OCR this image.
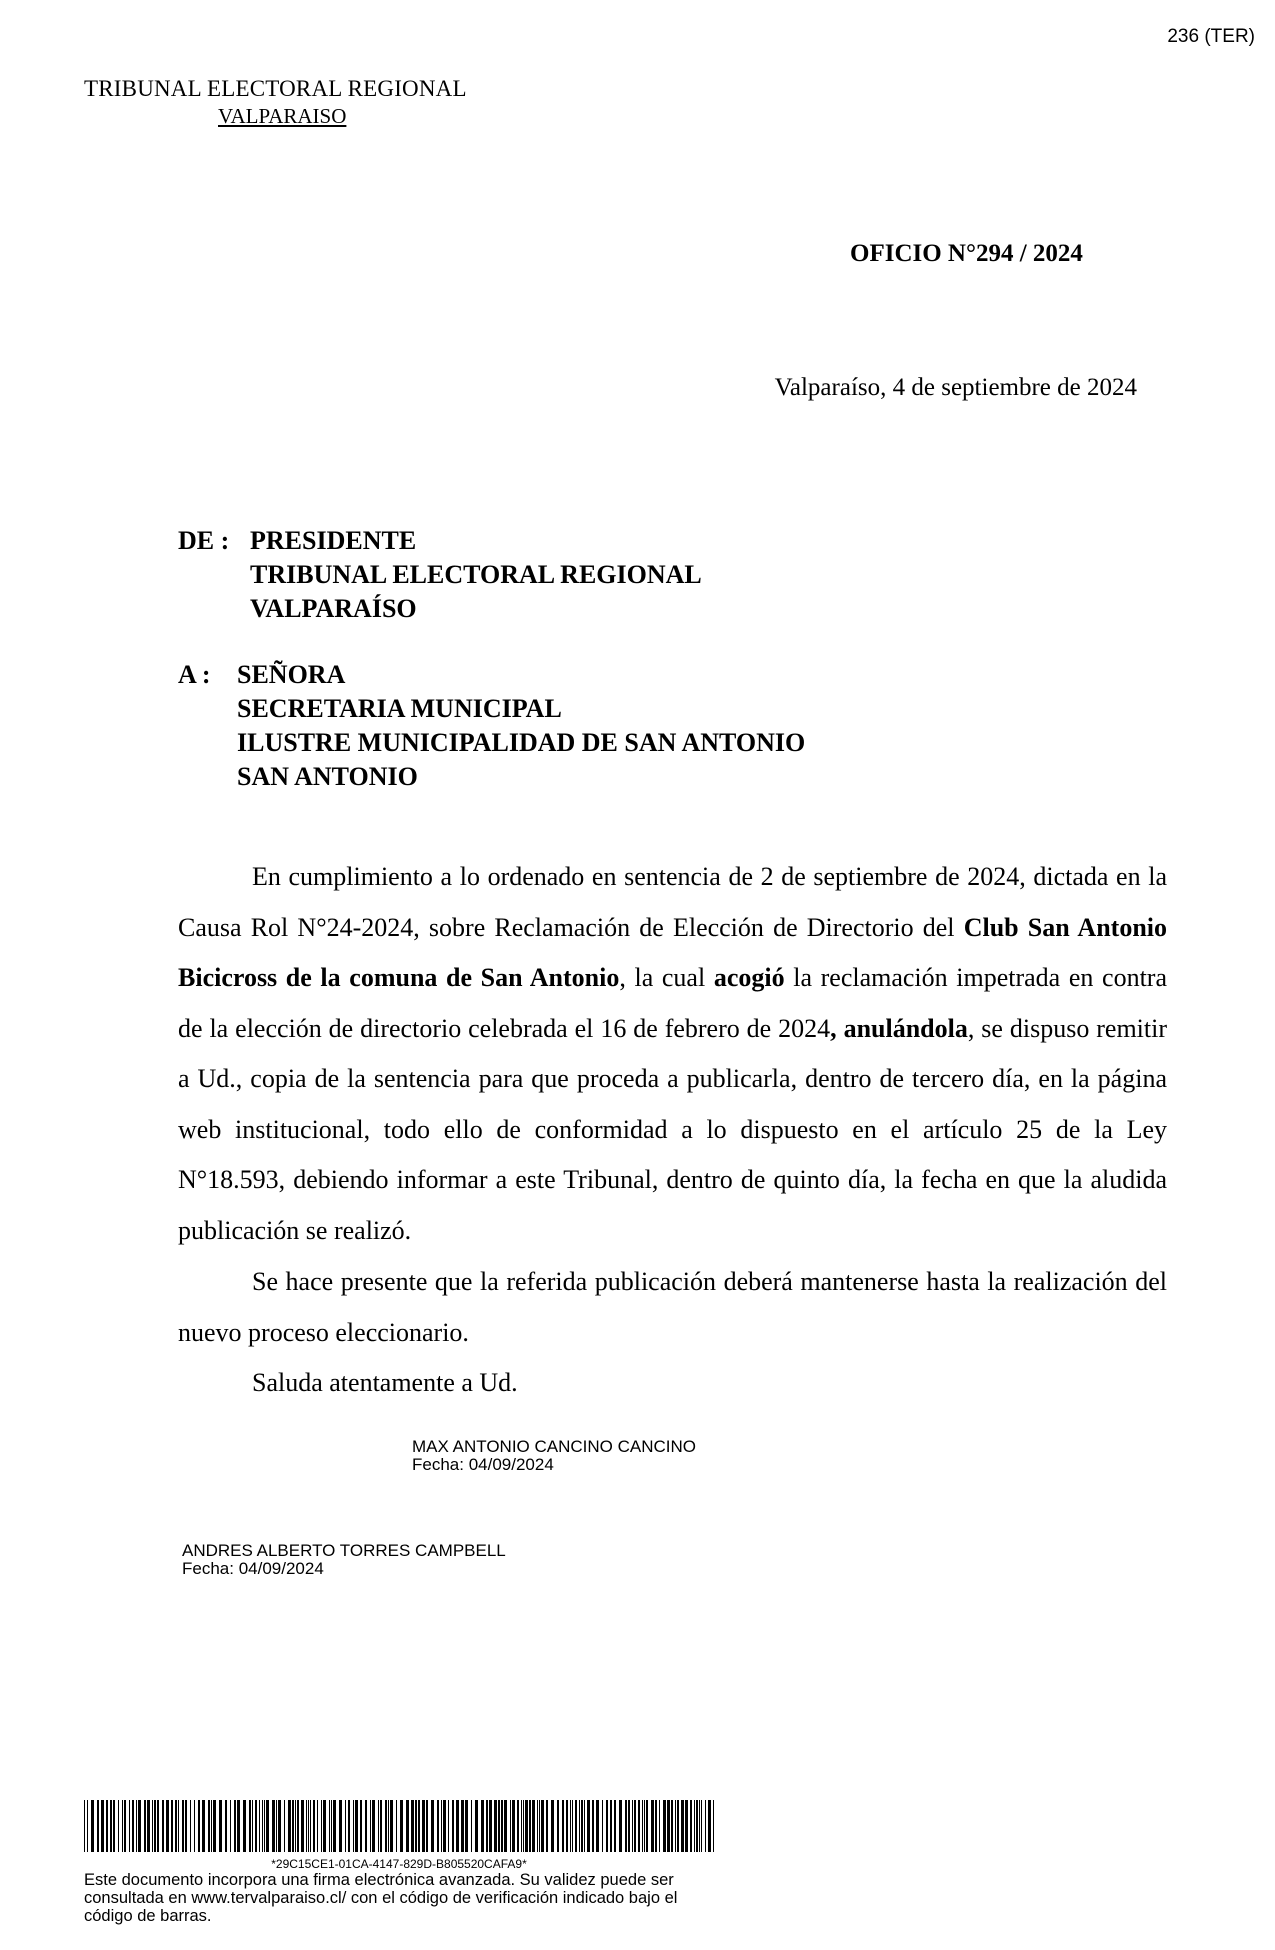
236 (TER)
TRIBUNAL ELECTORAL REGIONAL
VALPARAISO
OFICIO N°294 / 2024
Valparaíso, 4 de septiembre de 2024
DE : PRESIDENTE
TRIBUNAL ELECTORAL REGIONAL
VALPARAÍSO
A :	SEÑORA
SECRETARIA MUNICIPAL
ILUSTRE MUNICIPALIDAD DE SAN ANTONIO
SAN ANTONIO
En cumplimiento a lo ordenado en sentencia de 2 de septiembre de 2024, dictada en la Causa Rol N°24-2024, sobre Reclamación de Elección de Directorio del Club San Antonio Bicicross de la comuna de San Antonio, la cual acogió la reclamación impetrada en contra de la elección de directorio celebrada el 16 de febrero de 2024, anulándola, se dispuso remitir a Ud., copia de la sentencia para que proceda a publicarla, dentro de tercero día, en la página web institucional, todo ello de conformidad a lo dispuesto en el artículo 25 de la Ley N°18.593, debiendo informar a este Tribunal, dentro de quinto día, la fecha en que la aludida publicación se realizó.
Se hace presente que la referida publicación deberá mantenerse hasta la realización del nuevo proceso eleccionario.
Saluda atentamente a Ud.
MAX ANTONIO CANCINO CANCINO
Fecha: 04/09/2024
ANDRES ALBERTO TORRES CAMPBELL
Fecha: 04/09/2024
*29C15CE1-01CA-4147-829D-B805520CAFA9*
Este documento incorpora una firma electrónica avanzada. Su validez puede ser consultada en www.tervalparaiso.cl/ con el código de verificación indicado bajo el código de barras.
